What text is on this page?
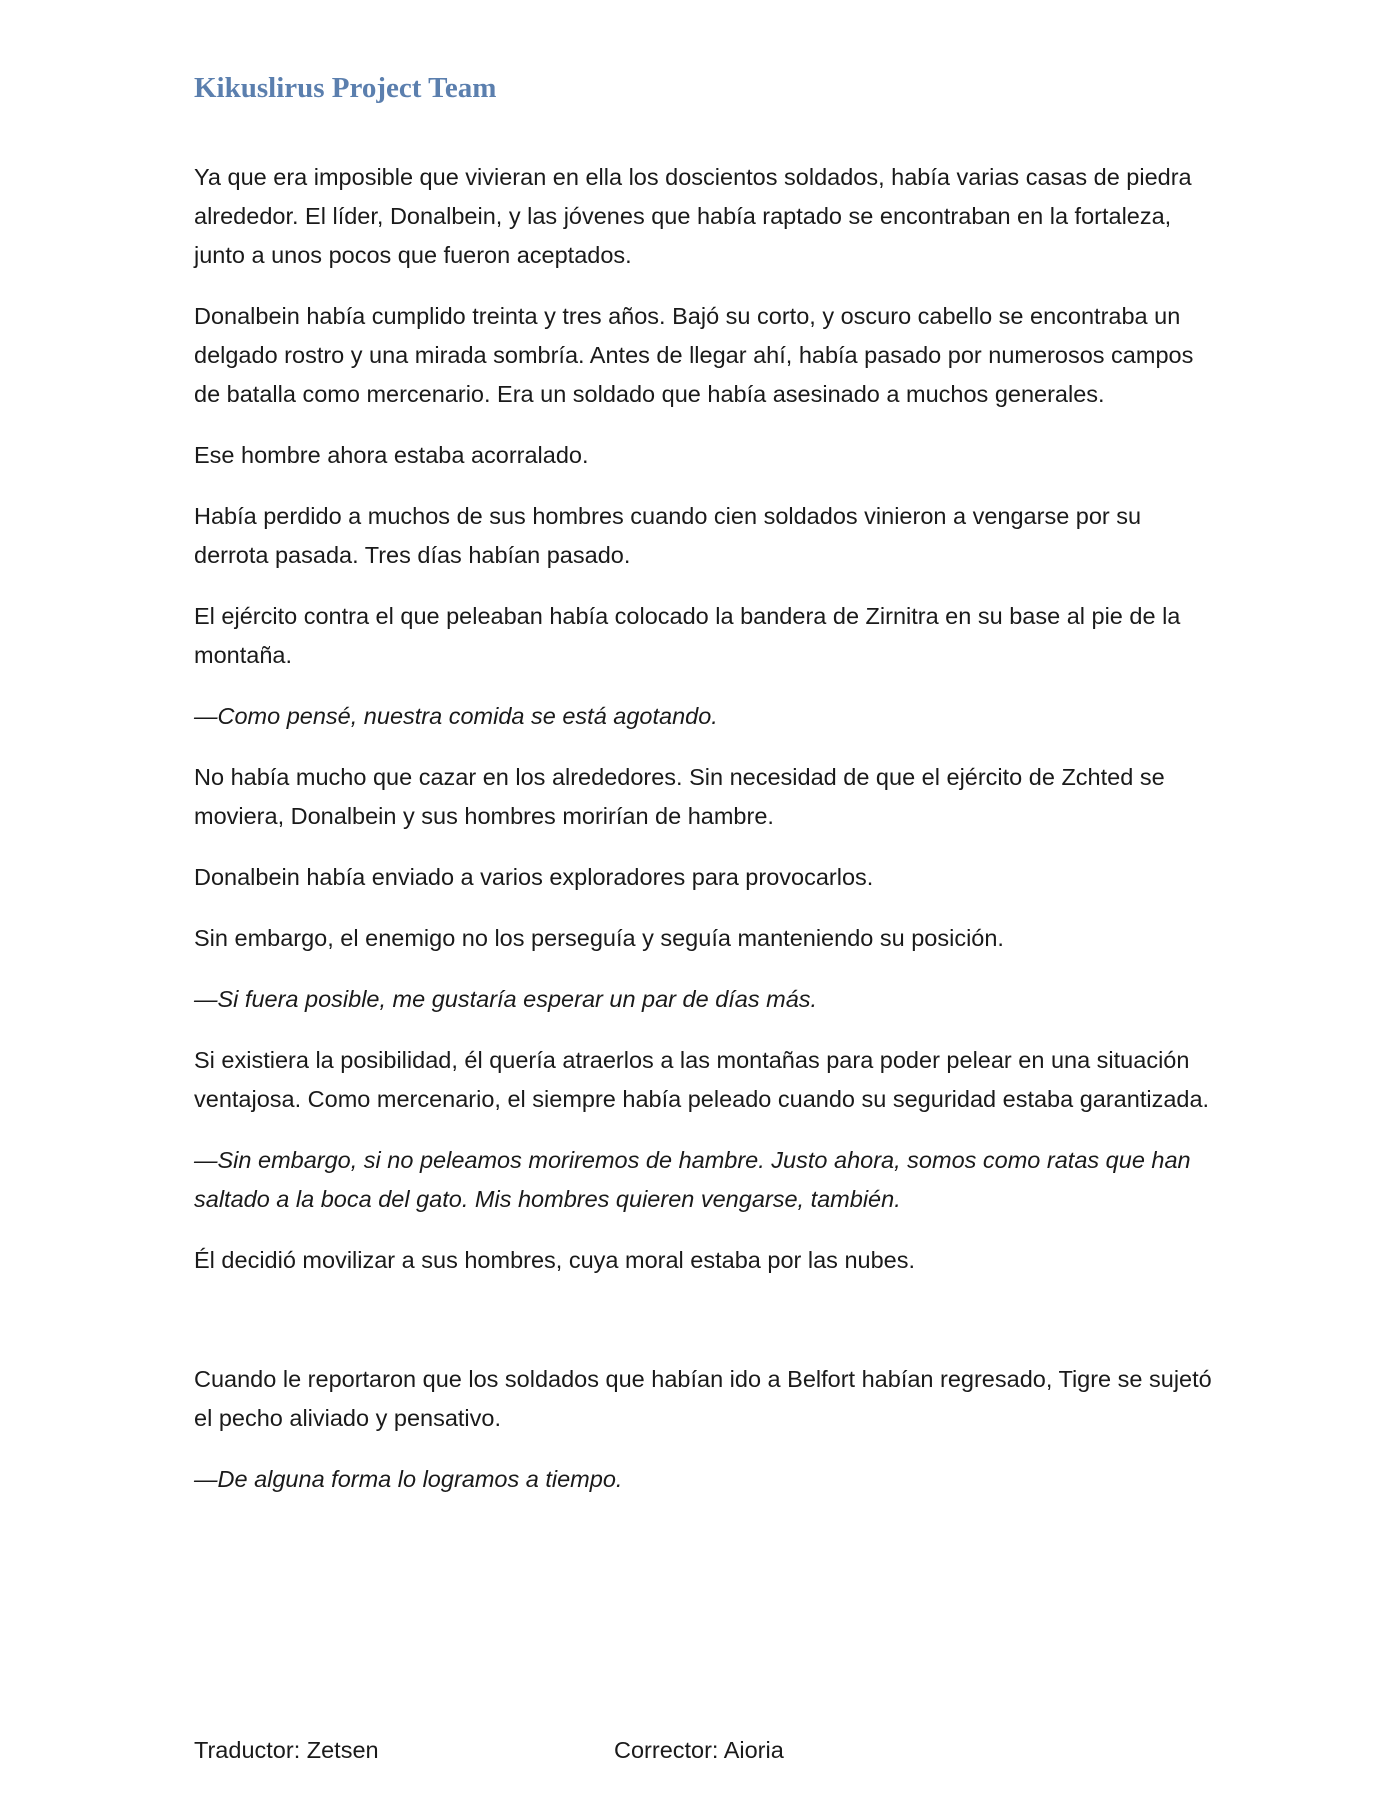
Kikuslirus Project Team

Ya que era imposible que vivieran en ella los doscientos soldados, había varias casas de piedra alrededor. El líder, Donalbein, y las jóvenes que había raptado se encontraban en la fortaleza, junto a unos pocos que fueron aceptados.

Donalbein había cumplido treinta y tres años. Bajó su corto, y oscuro cabello se encontraba un delgado rostro y una mirada sombría. Antes de llegar ahí, había pasado por numerosos campos de batalla como mercenario. Era un soldado que había asesinado a muchos generales.

Ese hombre ahora estaba acorralado.

Había perdido a muchos de sus hombres cuando cien soldados vinieron a vengarse por su derrota pasada. Tres días habían pasado.

El ejército contra el que peleaban había colocado la bandera de Zirnitra en su base al pie de la montaña.

—Como pensé, nuestra comida se está agotando.

No había mucho que cazar en los alrededores. Sin necesidad de que el ejército de Zchted se moviera, Donalbein y sus hombres morirían de hambre.

Donalbein había enviado a varios exploradores para provocarlos.

Sin embargo, el enemigo no los perseguía y seguía manteniendo su posición.

—Si fuera posible, me gustaría esperar un par de días más.

Si existiera la posibilidad, él quería atraerlos a las montañas para poder pelear en una situación ventajosa. Como mercenario, el siempre había peleado cuando su seguridad estaba garantizada.

—Sin embargo, si no peleamos moriremos de hambre. Justo ahora, somos como ratas que han saltado a la boca del gato. Mis hombres quieren vengarse, también.

Él decidió movilizar a sus hombres, cuya moral estaba por las nubes.

Cuando le reportaron que los soldados que habían ido a Belfort habían regresado, Tigre se sujetó el pecho aliviado y pensativo.

—De alguna forma lo logramos a tiempo.

Traductor: Zetsen	Corrector: Aioria
